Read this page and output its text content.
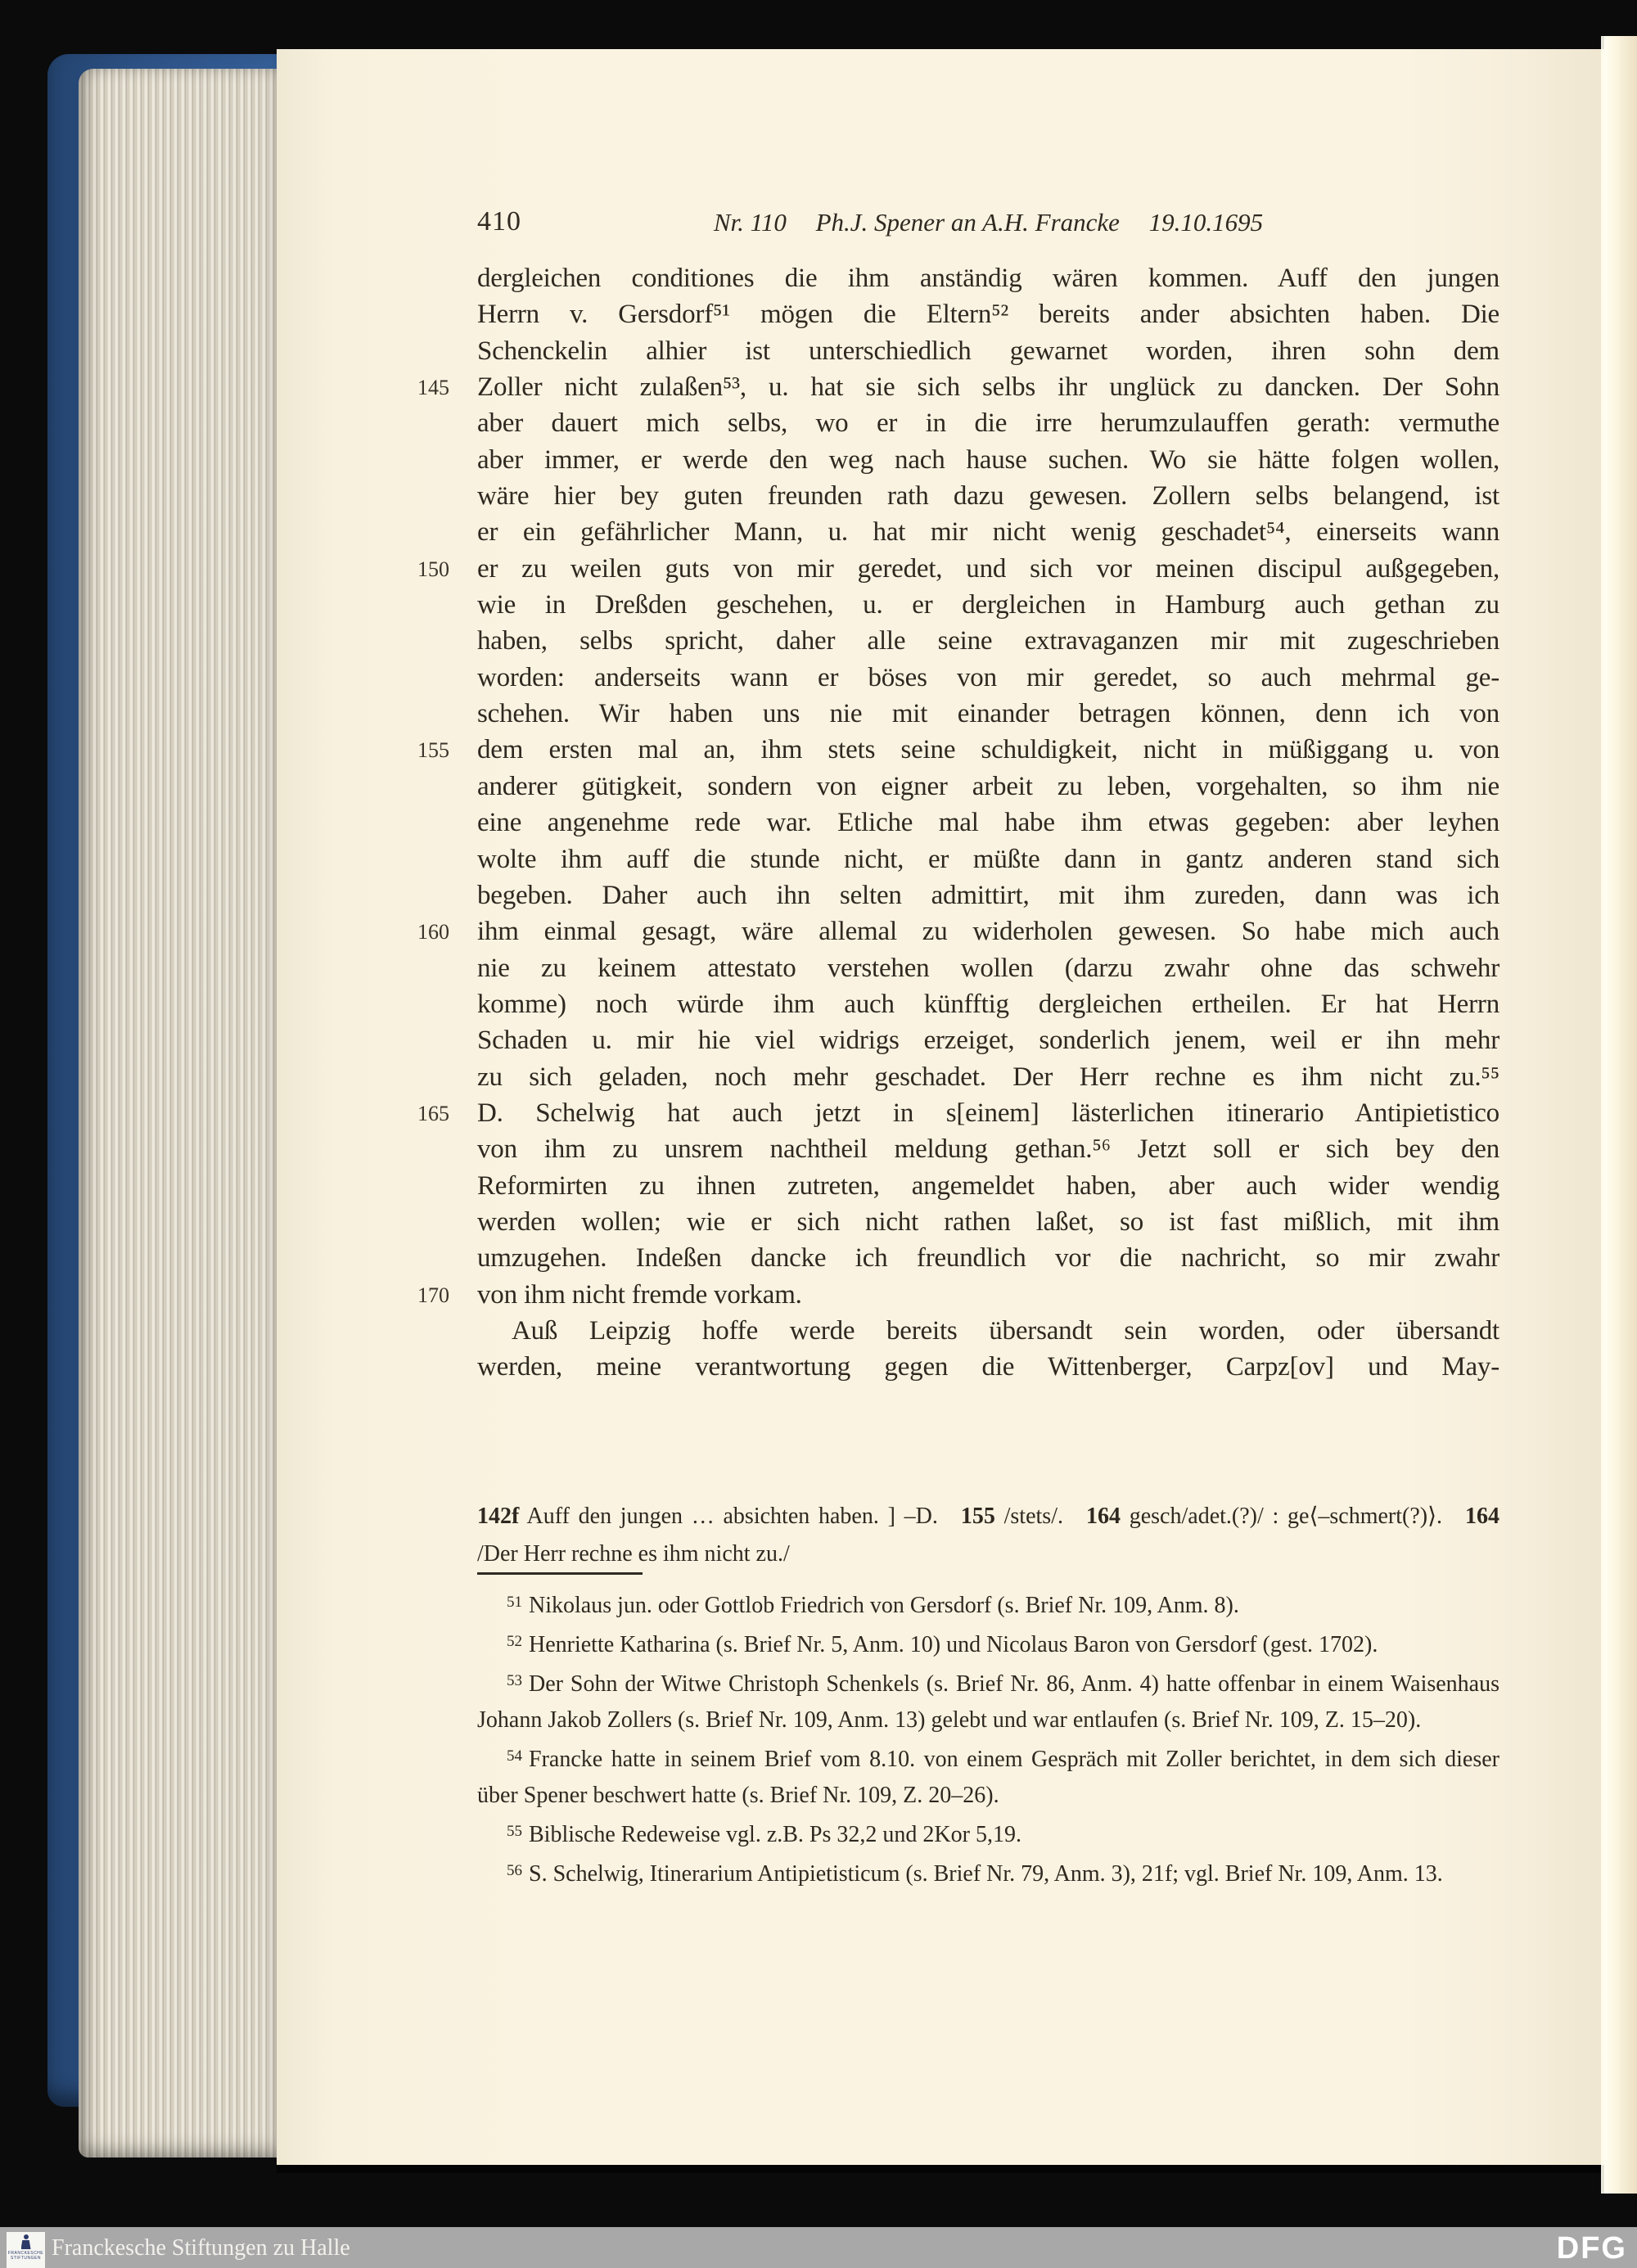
410	Nr. 110 Ph.J. Spener an A.H. Francke 19.10.1695
dergleichen conditiones die ihm anständig wären kommen. Auff den jungen
Herrn v. Gersdorf⁵¹ mögen die Eltern⁵² bereits ander absichten haben. Die
Schenckelin alhier ist unterschiedlich gewarnet worden, ihren sohn dem
145 Zoller nicht zulaßen⁵³, u. hat sie sich selbs ihr unglück zu dancken. Der Sohn
aber dauert mich selbs, wo er in die irre herumzulauffen gerath: vermuthe
aber immer, er werde den weg nach hause suchen. Wo sie hätte folgen wollen,
wäre hier bey guten freunden rath dazu gewesen. Zollern selbs belangend, ist
er ein gefährlicher Mann, u. hat mir nicht wenig geschadet⁵⁴, einerseits wann
150 er zu weilen guts von mir geredet, und sich vor meinen discipul außgegeben,
wie in Dreßden geschehen, u. er dergleichen in Hamburg auch gethan zu
haben, selbs spricht, daher alle seine extravaganzen mir mit zugeschrieben
worden: anderseits wann er böses von mir geredet, so auch mehrmal ge-
schehen. Wir haben uns nie mit einander betragen können, denn ich von
155 dem ersten mal an, ihm stets seine schuldigkeit, nicht in müßiggang u. von
anderer gütigkeit, sondern von eigner arbeit zu leben, vorgehalten, so ihm nie
eine angenehme rede war. Etliche mal habe ihm etwas gegeben: aber leyhen
wolte ihm auff die stunde nicht, er müßte dann in gantz anderen stand sich
begeben. Daher auch ihn selten admittirt, mit ihm zureden, dann was ich
160 ihm einmal gesagt, wäre allemal zu widerholen gewesen. So habe mich auch
nie zu keinem attestato verstehen wollen (darzu zwahr ohne das schwehr
komme) noch würde ihm auch künfftig dergleichen ertheilen. Er hat Herrn
Schaden u. mir hie viel widrigs erzeiget, sonderlich jenem, weil er ihn mehr
zu sich geladen, noch mehr geschadet. Der Herr rechne es ihm nicht zu.⁵⁵
165 D. Schelwig hat auch jetzt in s[einem] lästerlichen itinerario Antipietistico
von ihm zu unsrem nachtheil meldung gethan.⁵⁶ Jetzt soll er sich bey den
Reformirten zu ihnen zutreten, angemeldet haben, aber auch wider wendig
werden wollen; wie er sich nicht rathen laßet, so ist fast mißlich, mit ihm
umzugehen. Indeßen dancke ich freundlich vor die nachricht, so mir zwahr
170 von ihm nicht fremde vorkam.
Auß Leipzig hoffe werde bereits übersandt sein worden, oder übersandt
werden, meine verantwortung gegen die Wittenberger, Carpz[ov] und May-
142f Auff den jungen … absichten haben. ] –D.  155 /stets/.  164 gesch/adet.(?)/ : ge⟨–schmert(?)⟩.  164 /Der Herr rechne es ihm nicht zu./

$^{51}$ Nikolaus jun. oder Gottlob Friedrich von Gersdorf (s. Brief Nr. 109, Anm. 8).

$^{52}$ Henriette Katharina (s. Brief Nr. 5, Anm. 10) und Nicolaus Baron von Gersdorf (gest. 1702).

$^{53}$ Der Sohn der Witwe Christoph Schenkels (s. Brief Nr. 86, Anm. 4) hatte offenbar in einem Waisenhaus Johann Jakob Zollers (s. Brief Nr. 109, Anm. 13) gelebt und war entlaufen (s. Brief Nr. 109, Z. 15–20).

$^{54}$ Francke hatte in seinem Brief vom 8.10. von einem Gespräch mit Zoller berichtet, in dem sich dieser über Spener beschwert hatte (s. Brief Nr. 109, Z. 20–26).

$^{55}$ Biblische Redeweise vgl. z.B. Ps 32,2 und 2Kor 5,19.

$^{56}$ S. Schelwig, Itinerarium Antipietisticum (s. Brief Nr. 79, Anm. 3), 21f; vgl. Brief Nr. 109, Anm. 13.

FRANCKESCHE
STIFTUNGEN Franckesche Stiftungen zu Halle	DFG
